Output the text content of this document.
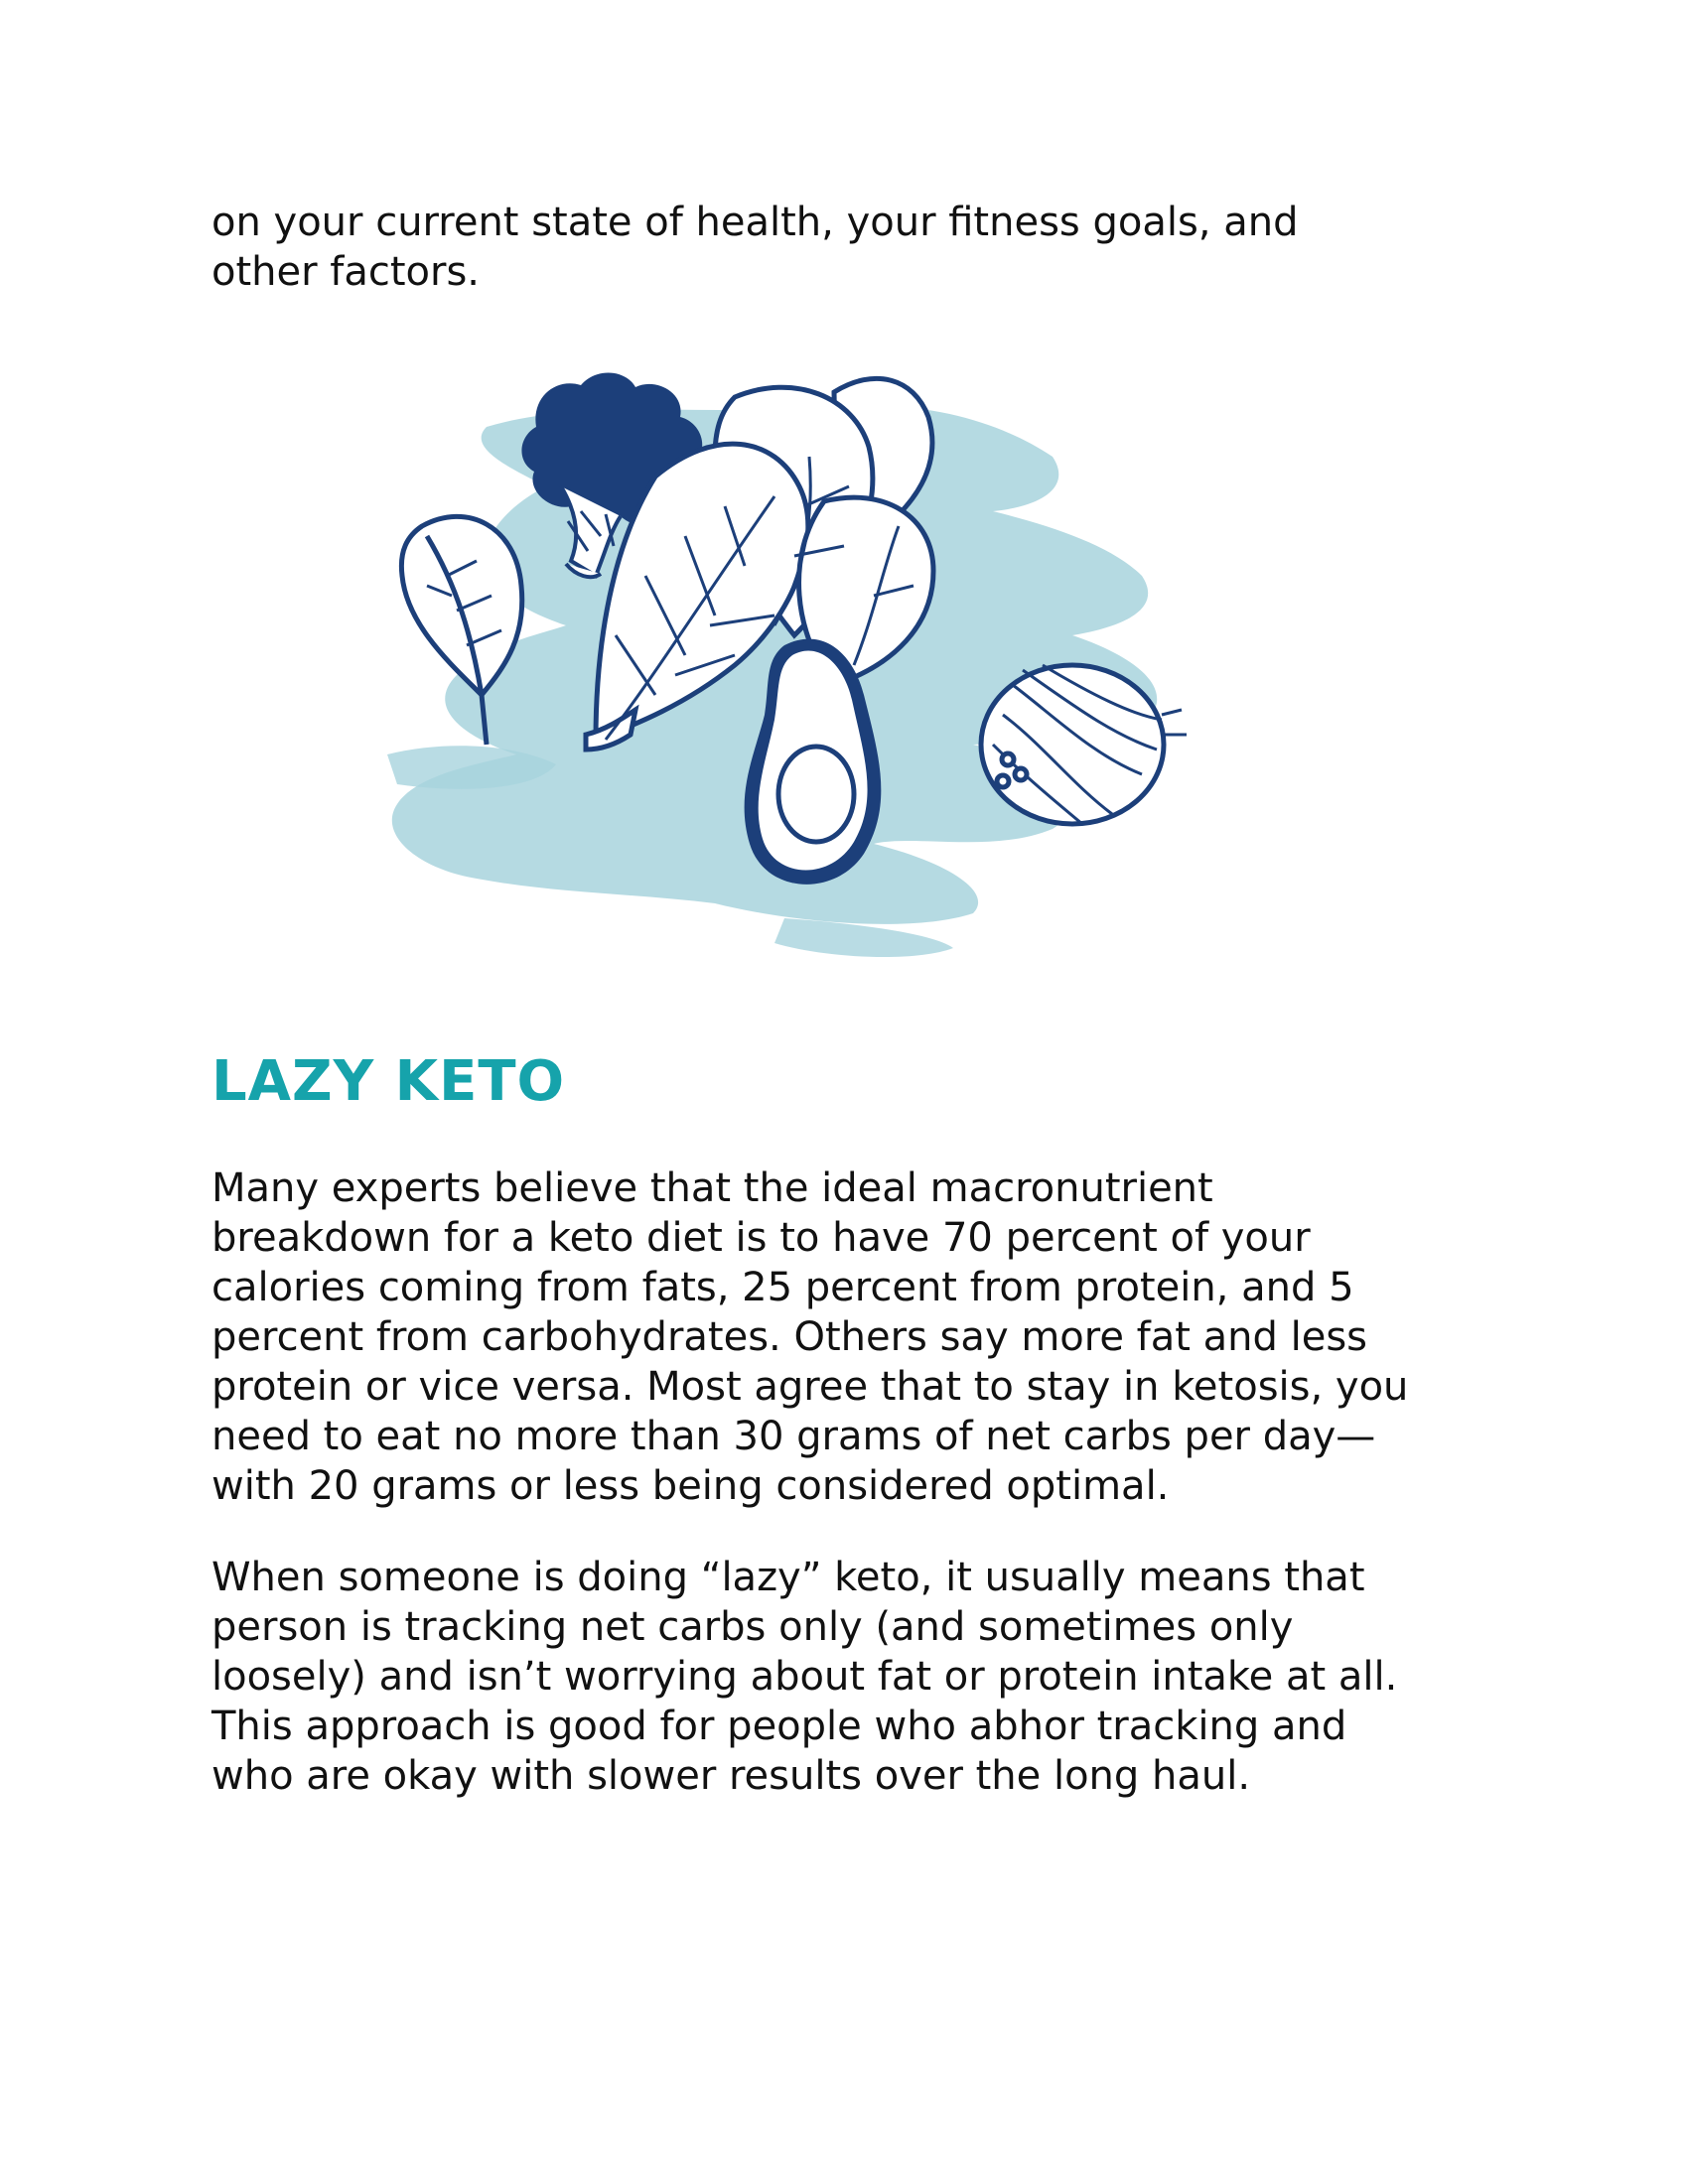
on your current state of health, your fitness goals, and
other factors.

LAZY KETO

Many experts believe that the ideal macronutrient
breakdown for a keto diet is to have 70 percent of your
calories coming from fats, 25 percent from protein, and 5
percent from carbohydrates. Others say more fat and less
protein or vice versa. Most agree that to stay in ketosis, you
need to eat no more than 30 grams of net carbs per day—
with 20 grams or less being considered optimal.

When someone is doing “lazy” keto, it usually means that
person is tracking net carbs only (and sometimes only
loosely) and isn’t worrying about fat or protein intake at all.
This approach is good for people who abhor tracking and
who are okay with slower results over the long haul.
